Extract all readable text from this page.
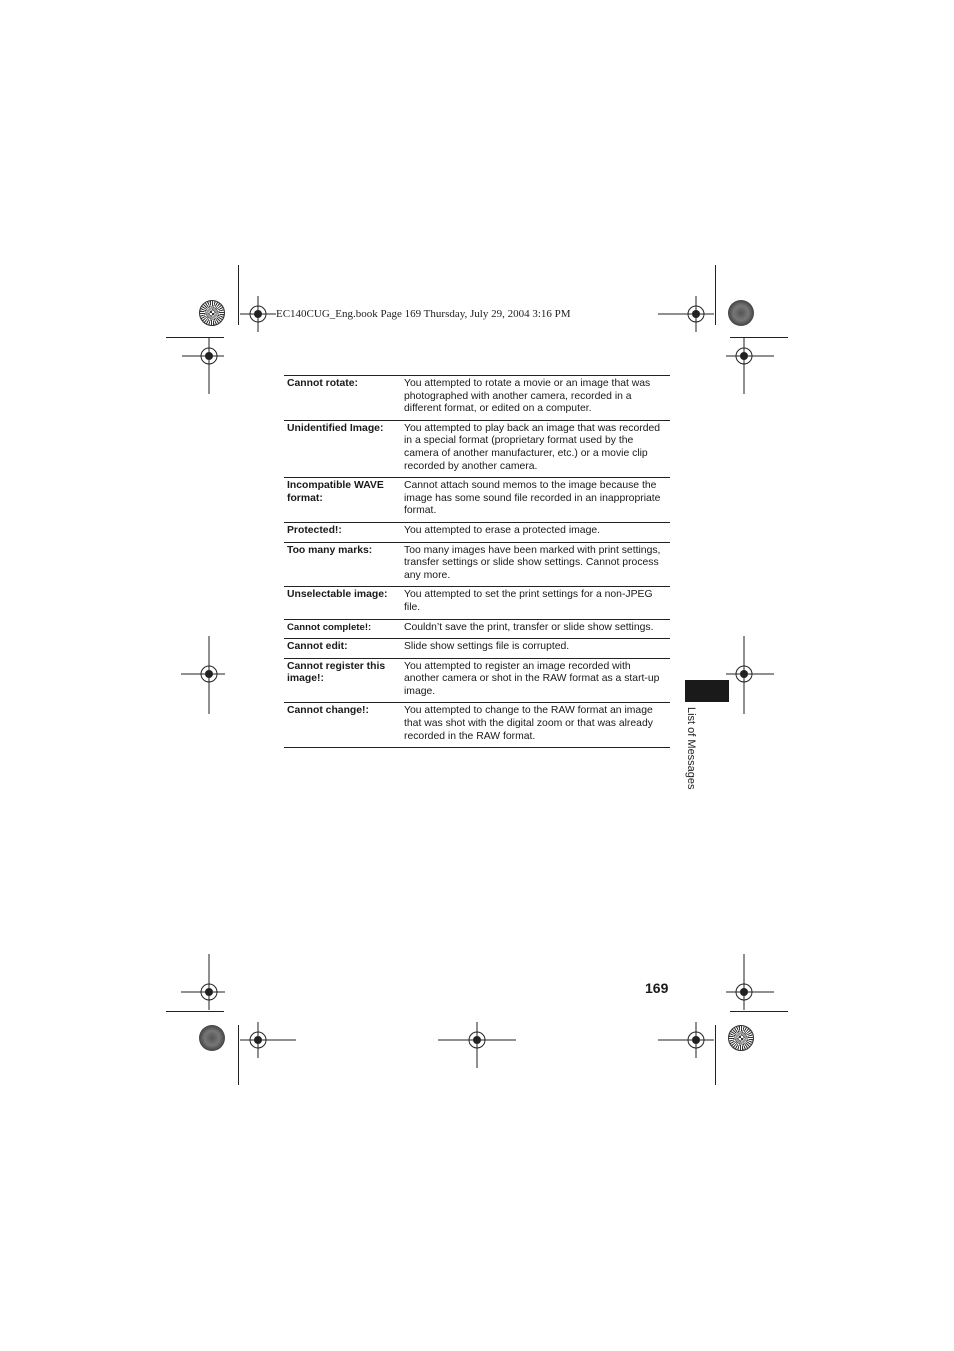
EC140CUG_Eng.book Page 169 Thursday, July 29, 2004 3:16 PM
Cannot rotate:	You attempted to rotate a movie or an image that was photographed with another camera, recorded in a different format, or edited on a computer.
Unidentified Image:	You attempted to play back an image that was recorded in a special format (proprietary format used by the camera of another manufacturer, etc.) or a movie clip recorded by another camera.
Incompatible WAVE format:	Cannot attach sound memos to the image because the image has some sound file recorded in an inappropriate format.
Protected!:	You attempted to erase a protected image.
Too many marks:	Too many images have been marked with print settings, transfer settings or slide show settings. Cannot process any more.
Unselectable image:	You attempted to set the print settings for a non-JPEG file.
Cannot complete!:	Couldn’t save the print, transfer or slide show settings.
Cannot edit:	Slide show settings file is corrupted.
Cannot register this image!:	You attempted to register an image recorded with another camera or shot in the RAW format as a start-up image.
Cannot change!:	You attempted to change to the RAW format an image that was shot with the digital zoom or that was already recorded in the RAW format.
169
List of Messages
